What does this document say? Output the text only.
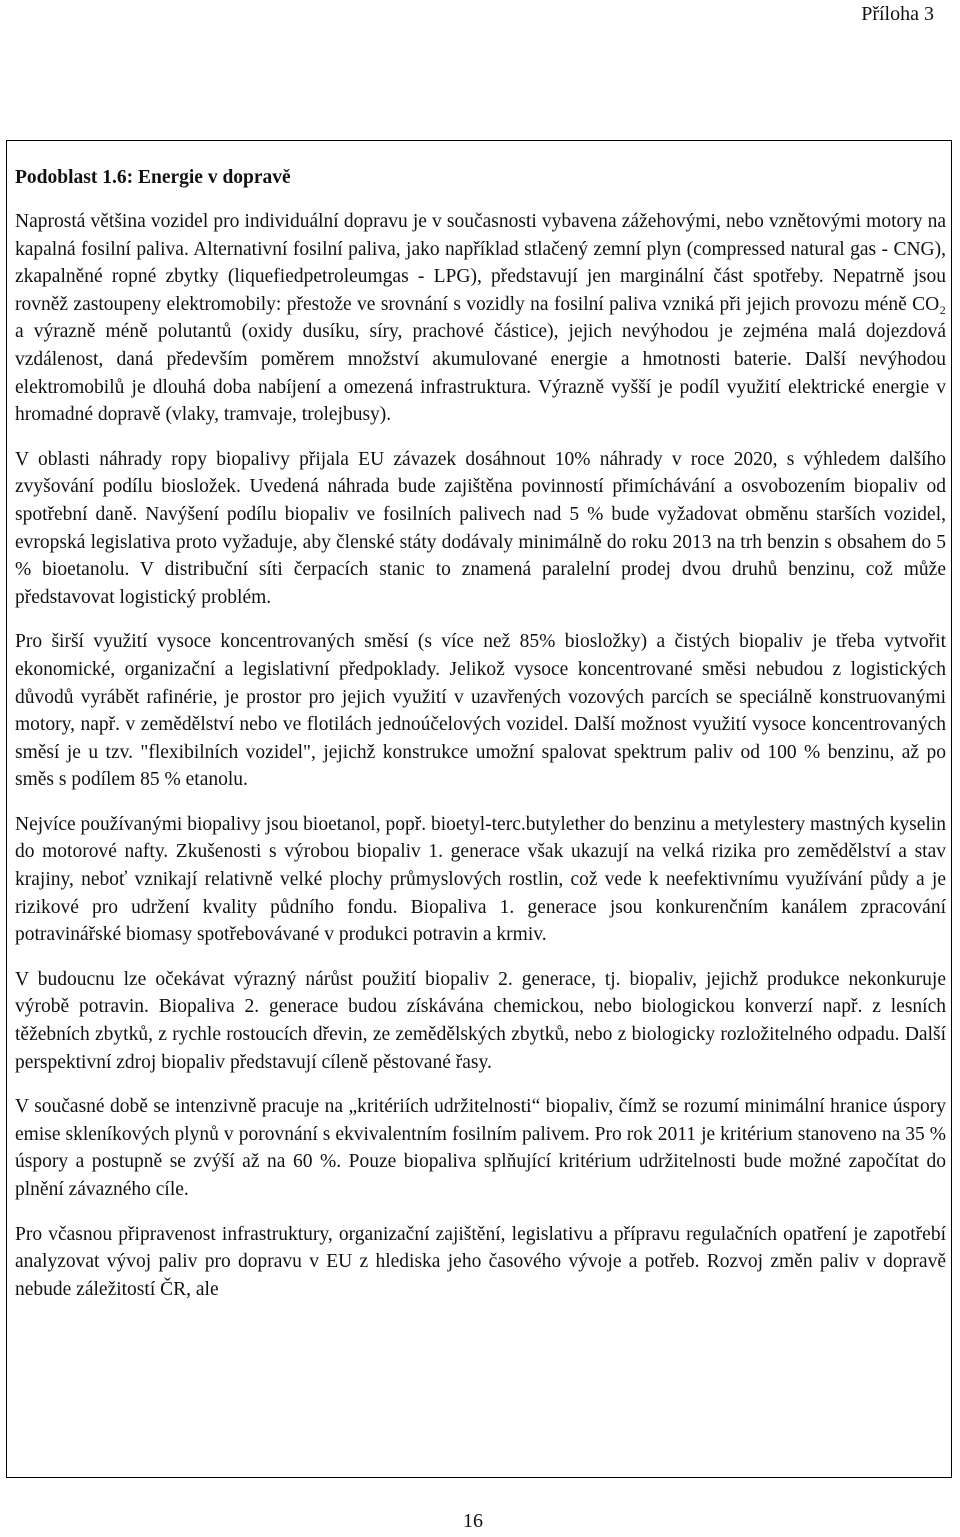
Příloha 3
Podoblast 1.6: Energie v dopravě

Naprostá většina vozidel pro individuální dopravu je v současnosti vybavena zážehovými, nebo vznětovými motory na kapalná fosilní paliva. Alternativní fosilní paliva, jako například stlačený zemní plyn (compressed natural gas - CNG), zkapalněné ropné zbytky (liquefiedpetroleumgas - LPG), představují jen marginální část spotřeby. Nepatrně jsou rovněž zastoupeny elektromobily: přestože ve srovnání s vozidly na fosilní paliva vzniká při jejich provozu méně CO₂ a výrazně méně polutantů (oxidy dusíku, síry, prachové částice), jejich nevýhodou je zejména malá dojezdová vzdálenost, daná především poměrem množství akumulované energie a hmotnosti baterie. Další nevýhodou elektromobilů je dlouhá doba nabíjení a omezená infrastruktura. Výrazně vyšší je podíl využití elektrické energie v hromadné dopravě (vlaky, tramvaje, trolejbusy).

V oblasti náhrady ropy biopalivy přijala EU závazek dosáhnout 10% náhrady v roce 2020, s výhledem dalšího zvyšování podílu biosložek. Uvedená náhrada bude zajištěna povinností přimíchávání a osvobozením biopaliv od spotřební daně. Navýšení podílu biopaliv ve fosilních palivech nad 5 % bude vyžadovat obměnu starších vozidel, evropská legislativa proto vyžaduje, aby členské státy dodávaly minimálně do roku 2013 na trh benzin s obsahem do 5 % bioetanolu. V distribuční síti čerpacích stanic to znamená paralelní prodej dvou druhů benzinu, což může představovat logistický problém.

Pro širší využití vysoce koncentrovaných směsí (s více než 85% biosložky) a čistých biopaliv je třeba vytvořit ekonomické, organizační a legislativní předpoklady. Jelikož vysoce koncentrované směsi nebudou z logistických důvodů vyrábět rafinérie, je prostor pro jejich využití v uzavřených vozových parcích se speciálně konstruovanými motory, např. v zemědělství nebo ve flotilách jednoúčelových vozidel. Další možnost využití vysoce koncentrovaných směsí je u tzv. "flexibilních vozidel", jejichž konstrukce umožní spalovat spektrum paliv od 100 % benzinu, až po směs s podílem 85 % etanolu.

Nejvíce používanými biopalivy jsou bioetanol, popř. bioetyl-terc.butylether do benzinu a metylestery mastných kyselin do motorové nafty. Zkušenosti s výrobou biopaliv 1. generace však ukazují na velká rizika pro zemědělství a stav krajiny, neboť vznikají relativně velké plochy průmyslových rostlin, což vede k neefektivnímu využívání půdy a je rizikové pro udržení kvality půdního fondu. Biopaliva 1. generace jsou konkurenčním kanálem zpracování potravinářské biomasy spotřebovávané v produkci potravin a krmiv.

V budoucnu lze očekávat výrazný nárůst použití biopaliv 2. generace, tj. biopaliv, jejichž produkce nekonkuruje výrobě potravin. Biopaliva 2. generace budou získávána chemickou, nebo biologickou konverzí např. z lesních těžebních zbytků, z rychle rostoucích dřevin, ze zemědělských zbytků, nebo z biologicky rozložitelného odpadu. Další perspektivní zdroj biopaliv představují cíleně pěstované řasy.

V současné době se intenzivně pracuje na „kritériích udržitelnosti“ biopaliv, čímž se rozumí minimální hranice úspory emise skleníkových plynů v porovnání s ekvivalentním fosilním palivem. Pro rok 2011 je kritérium stanoveno na 35 % úspory a postupně se zvýší až na 60 %. Pouze biopaliva splňující kritérium udržitelnosti bude možné započítat do plnění závazného cíle.

Pro včasnou připravenost infrastruktury, organizační zajištění, legislativu a přípravu regulačních opatření je zapotřebí analyzovat vývoj paliv pro dopravu v EU z hlediska jeho časového vývoje a potřeb. Rozvoj změn paliv v dopravě nebude záležitostí ČR, ale

16
